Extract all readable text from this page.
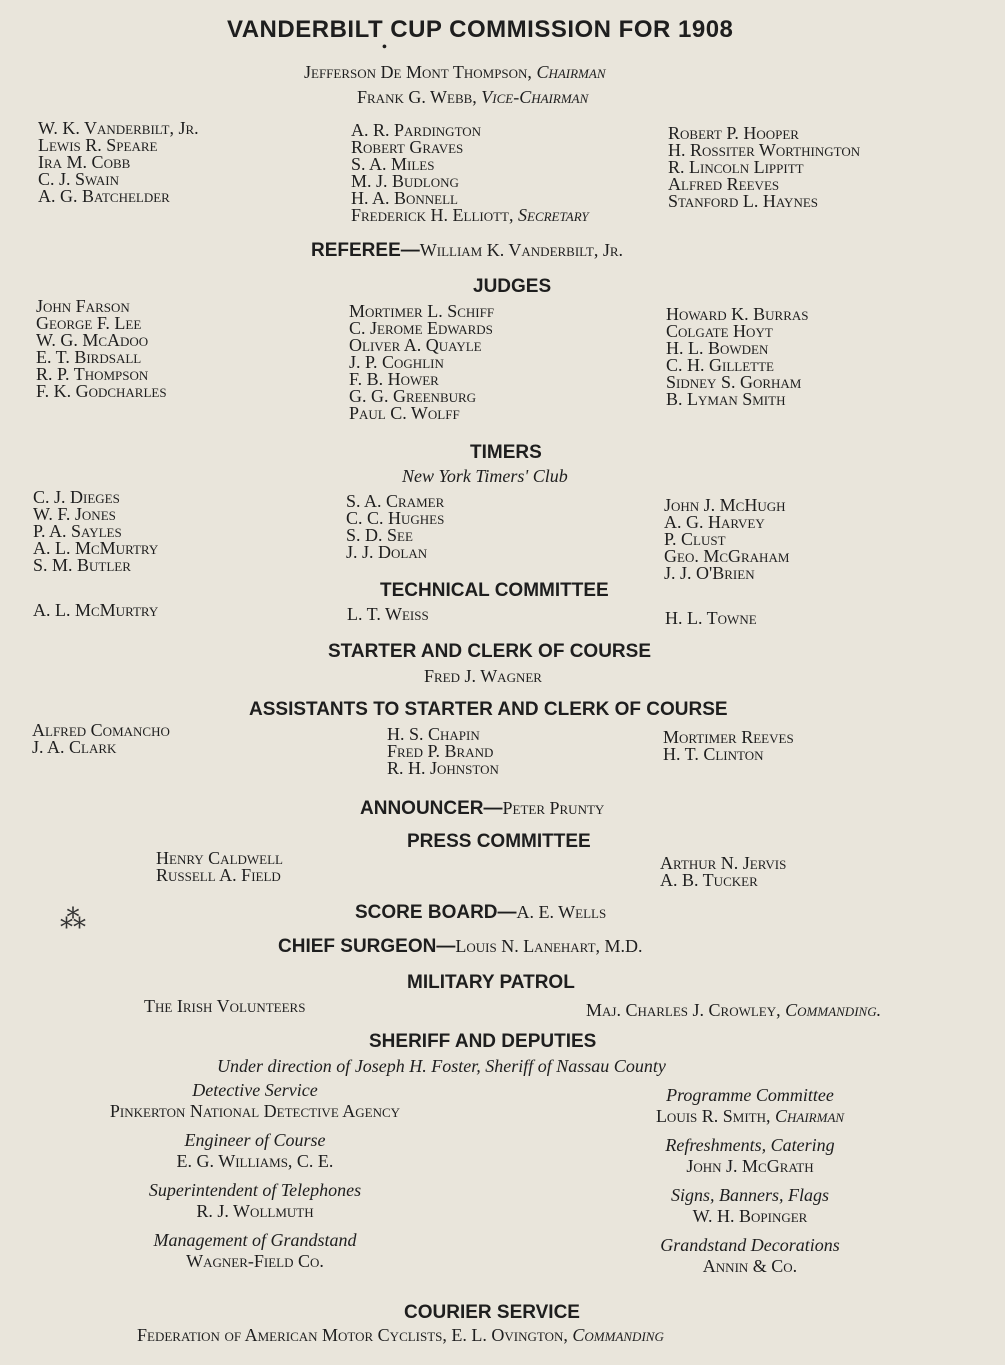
VANDERBILT CUP COMMISSION FOR 1908
•
Jefferson De Mont Thompson, Chairman
Frank G. Webb, Vice-Chairman
W. K. Vanderbilt, Jr.
Lewis R. Speare
Ira M. Cobb
C. J. Swain
A. G. Batchelder
A. R. Pardington
Robert Graves
S. A. Miles
M. J. Budlong
H. A. Bonnell
Frederick H. Elliott, Secretary
Robert P. Hooper
H. Rossiter Worthington
R. Lincoln Lippitt
Alfred Reeves
Stanford L. Haynes
REFEREE—William K. Vanderbilt, Jr.
JUDGES
John Farson
George F. Lee
W. G. McAdoo
E. T. Birdsall
R. P. Thompson
F. K. Godcharles
Mortimer L. Schiff
C. Jerome Edwards
Oliver A. Quayle
J. P. Coghlin
F. B. Hower
G. G. Greenburg
Paul C. Wolff
Howard K. Burras
Colgate Hoyt
H. L. Bowden
C. H. Gillette
Sidney S. Gorham
B. Lyman Smith
TIMERS
New York Timers' Club
C. J. Dieges
W. F. Jones
P. A. Sayles
A. L. McMurtry
S. M. Butler
S. A. Cramer
C. C. Hughes
S. D. See
J. J. Dolan
John J. McHugh
A. G. Harvey
P. Clust
Geo. McGraham
J. J. O'Brien
TECHNICAL COMMITTEE
A. L. McMurtry	L. T. Weiss	H. L. Towne
STARTER AND CLERK OF COURSE
Fred J. Wagner
ASSISTANTS TO STARTER AND CLERK OF COURSE
Alfred Comancho
J. A. Clark
H. S. Chapin
Fred P. Brand
R. H. Johnston
Mortimer Reeves
H. T. Clinton
ANNOUNCER—Peter Prunty
PRESS COMMITTEE
Henry Caldwell
Russell A. Field
Arthur N. Jervis
A. B. Tucker
SCORE BOARD—A. E. Wells
⁂
CHIEF SURGEON—Louis N. Lanehart, M.D.
MILITARY PATROL
The Irish Volunteers	Maj. Charles J. Crowley, Commanding.
SHERIFF AND DEPUTIES
Under direction of Joseph H. Foster, Sheriff of Nassau County
Detective Service
Pinkerton National Detective Agency
Engineer of Course
E. G. Williams, C. E.
Superintendent of Telephones
R. J. Wollmuth
Management of Grandstand
Wagner-Field Co.
Programme Committee
Louis R. Smith, Chairman
Refreshments, Catering
John J. McGrath
Signs, Banners, Flags
W. H. Bopinger
Grandstand Decorations
Annin & Co.
COURIER SERVICE
Federation of American Motor Cyclists, E. L. Ovington, Commanding
